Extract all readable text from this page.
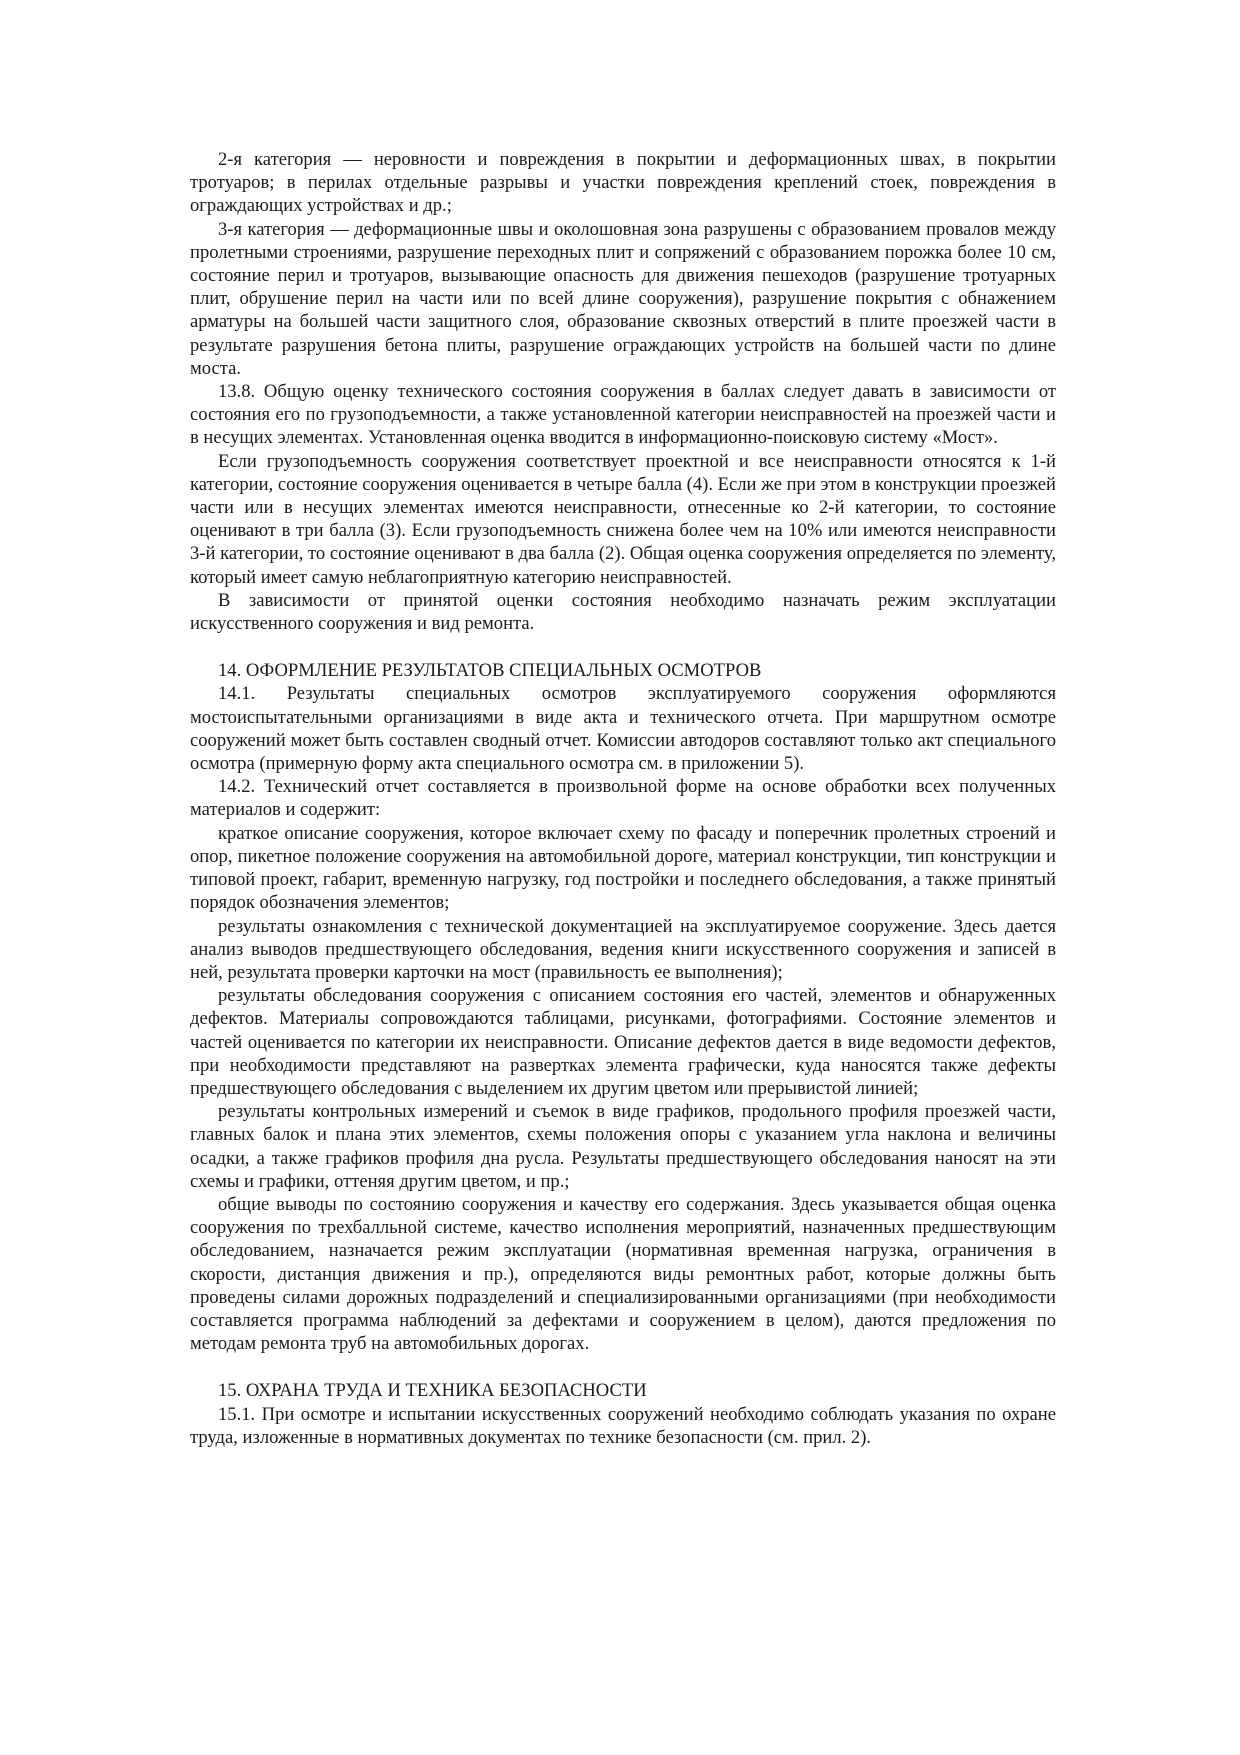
2-я категория — неровности и повреждения в покрытии и деформационных швах, в покрытии тротуаров; в перилах отдельные разрывы и участки повреждения креплений стоек, повреждения в ограждающих устройствах и др.;

3-я категория — деформационные швы и околошовная зона разрушены с образованием провалов между пролетными строениями, разрушение переходных плит и сопряжений с образованием порожка более 10 см, состояние перил и тротуаров, вызывающие опасность для движения пешеходов (разрушение тротуарных плит, обрушение перил на части или по всей длине сооружения), разрушение покрытия с обнажением арматуры на большей части защитного слоя, образование сквозных отверстий в плите проезжей части в результате разрушения бетона плиты, разрушение ограждающих устройств на большей части по длине моста.

13.8. Общую оценку технического состояния сооружения в баллах следует давать в зависимости от состояния его по грузоподъемности, а также установленной категории неисправностей на проезжей части и в несущих элементах. Установленная оценка вводится в информационно-поисковую систему «Мост».

Если грузоподъемность сооружения соответствует проектной и все неисправности относятся к 1-й категории, состояние сооружения оценивается в четыре балла (4). Если же при этом в конструкции проезжей части или в несущих элементах имеются неисправности, отнесенные ко 2-й категории, то состояние оценивают в три балла (3). Если грузоподъемность снижена более чем на 10% или имеются неисправности 3-й категории, то состояние оценивают в два балла (2). Общая оценка сооружения определяется по элементу, который имеет самую неблагоприятную категорию неисправностей.

В зависимости от принятой оценки состояния необходимо назначать режим эксплуатации искусственного сооружения и вид ремонта.

14. ОФОРМЛЕНИЕ РЕЗУЛЬТАТОВ СПЕЦИАЛЬНЫХ ОСМОТРОВ

14.1. Результаты специальных осмотров эксплуатируемого сооружения оформляются мостоиспытательными организациями в виде акта и технического отчета. При маршрутном осмотре сооружений может быть составлен сводный отчет. Комиссии автодоров составляют только акт специального осмотра (примерную форму акта специального осмотра см. в приложении 5).

14.2. Технический отчет составляется в произвольной форме на основе обработки всех полученных материалов и содержит:

краткое описание сооружения, которое включает схему по фасаду и поперечник пролетных строений и опор, пикетное положение сооружения на автомобильной дороге, материал конструкции, тип конструкции и типовой проект, габарит, временную нагрузку, год постройки и последнего обследования, а также принятый порядок обозначения элементов;

результаты ознакомления с технической документацией на эксплуатируемое сооружение. Здесь дается анализ выводов предшествующего обследования, ведения книги искусственного сооружения и записей в ней, результата проверки карточки на мост (правильность ее выполнения);

результаты обследования сооружения с описанием состояния его частей, элементов и обнаруженных дефектов. Материалы сопровождаются таблицами, рисунками, фотографиями. Состояние элементов и частей оценивается по категории их неисправности. Описание дефектов дается в виде ведомости дефектов, при необходимости представляют на развертках элемента графически, куда наносятся также дефекты предшествующего обследования с выделением их другим цветом или прерывистой линией;

результаты контрольных измерений и съемок в виде графиков, продольного профиля проезжей части, главных балок и плана этих элементов, схемы положения опоры с указанием угла наклона и величины осадки, а также графиков профиля дна русла. Результаты предшествующего обследования наносят на эти схемы и графики, оттеняя другим цветом, и пр.;

общие выводы по состоянию сооружения и качеству его содержания. Здесь указывается общая оценка сооружения по трехбалльной системе, качество исполнения мероприятий, назначенных предшествующим обследованием, назначается режим эксплуатации (нормативная временная нагрузка, ограничения в скорости, дистанция движения и пр.), определяются виды ремонтных работ, которые должны быть проведены силами дорожных подразделений и специализированными организациями (при необходимости составляется программа наблюдений за дефектами и сооружением в целом), даются предложения по методам ремонта труб на автомобильных дорогах.

15. ОХРАНА ТРУДА И ТЕХНИКА БЕЗОПАСНОСТИ

15.1. При осмотре и испытании искусственных сооружений необходимо соблюдать указания по охране труда, изложенные в нормативных документах по технике безопасности (см. прил. 2).
